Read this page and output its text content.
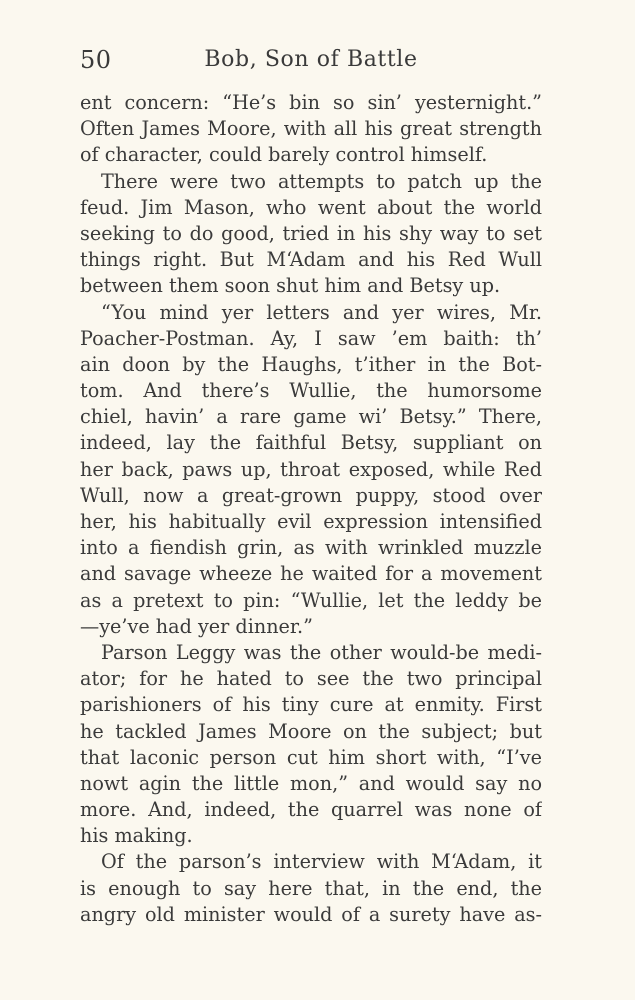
50	Bob, Son of Battle
ent concern: “He’s bin so sin’ yesternight.”
Often James Moore, with all his great strength
of character, could barely control himself.
There were two attempts to patch up the
feud. Jim Mason, who went about the world
seeking to do good, tried in his shy way to set
things right. But M‘Adam and his Red Wull
between them soon shut him and Betsy up.
“You mind yer letters and yer wires, Mr.
Poacher-Postman. Ay, I saw ’em baith: th’
ain doon by the Haughs, t’ither in the Bot-
tom. And there’s Wullie, the humorsome
chiel, havin’ a rare game wi’ Betsy.” There,
indeed, lay the faithful Betsy, suppliant on
her back, paws up, throat exposed, while Red
Wull, now a great-grown puppy, stood over
her, his habitually evil expression intensified
into a fiendish grin, as with wrinkled muzzle
and savage wheeze he waited for a movement
as a pretext to pin: “Wullie, let the leddy be
—ye’ve had yer dinner.”
Parson Leggy was the other would-be medi-
ator; for he hated to see the two principal
parishioners of his tiny cure at enmity. First
he tackled James Moore on the subject; but
that laconic person cut him short with, “I’ve
nowt agin the little mon,” and would say no
more. And, indeed, the quarrel was none of
his making.
Of the parson’s interview with M‘Adam, it
is enough to say here that, in the end, the
angry old minister would of a surety have as-
